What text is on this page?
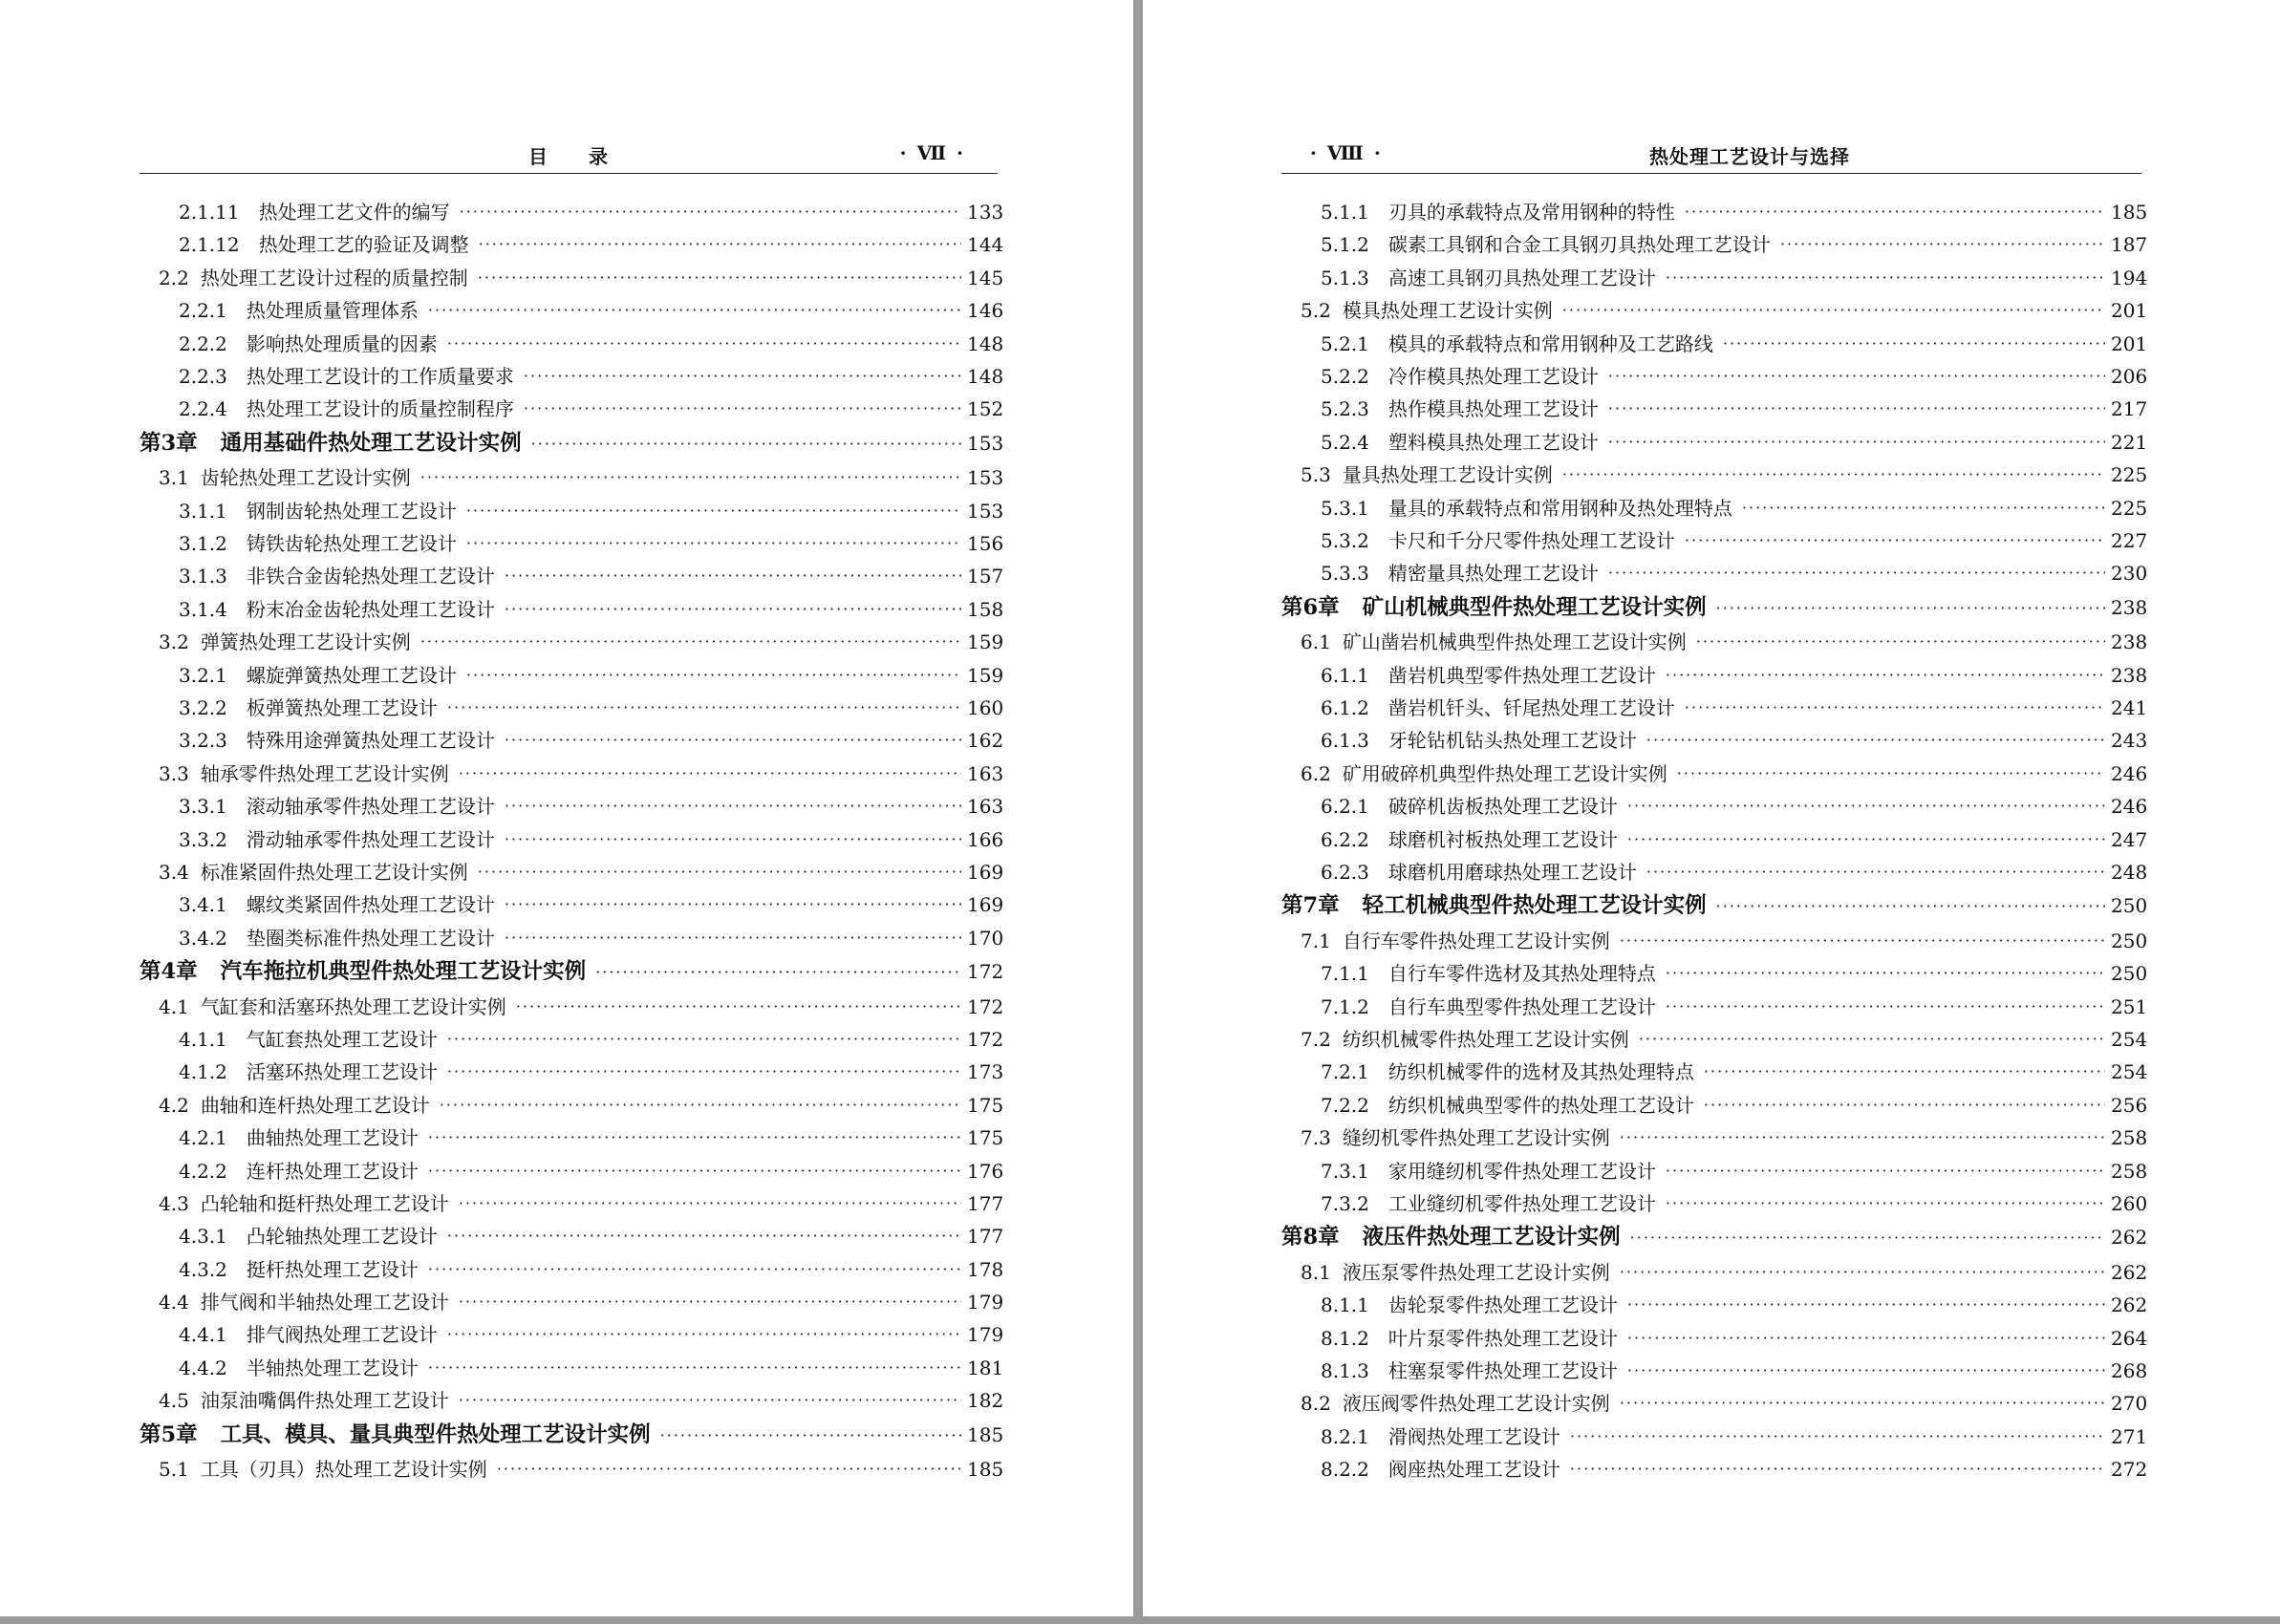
目　　录	· Ⅶ ·
2.1.11 热处理工艺文件的编写 ·····	133
2.1.12 热处理工艺的验证及调整 ·····	144
2.2 热处理工艺设计过程的质量控制 ·····	145
2.2.1 热处理质量管理体系 ·····	146
2.2.2 影响热处理质量的因素 ·····	148
2.2.3 热处理工艺设计的工作质量要求 ·····	148
2.2.4 热处理工艺设计的质量控制程序 ·····	152
第3章 通用基础件热处理工艺设计实例 ·····	153
3.1 齿轮热处理工艺设计实例 ·····	153
3.1.1 钢制齿轮热处理工艺设计 ·····	153
3.1.2 铸铁齿轮热处理工艺设计 ·····	156
3.1.3 非铁合金齿轮热处理工艺设计 ·····	157
3.1.4 粉末冶金齿轮热处理工艺设计 ·····	158
3.2 弹簧热处理工艺设计实例 ·····	159
3.2.1 螺旋弹簧热处理工艺设计 ·····	159
3.2.2 板弹簧热处理工艺设计 ·····	160
3.2.3 特殊用途弹簧热处理工艺设计 ·····	162
3.3 轴承零件热处理工艺设计实例 ·····	163
3.3.1 滚动轴承零件热处理工艺设计 ·····	163
3.3.2 滑动轴承零件热处理工艺设计 ·····	166
3.4 标准紧固件热处理工艺设计实例 ·····	169
3.4.1 螺纹类紧固件热处理工艺设计 ·····	169
3.4.2 垫圈类标准件热处理工艺设计 ·····	170
第4章 汽车拖拉机典型件热处理工艺设计实例 ·····	172
4.1 气缸套和活塞环热处理工艺设计实例 ·····	172
4.1.1 气缸套热处理工艺设计 ·····	172
4.1.2 活塞环热处理工艺设计 ·····	173
4.2 曲轴和连杆热处理工艺设计 ·····	175
4.2.1 曲轴热处理工艺设计 ·····	175
4.2.2 连杆热处理工艺设计 ·····	176
4.3 凸轮轴和挺杆热处理工艺设计 ·····	177
4.3.1 凸轮轴热处理工艺设计 ·····	177
4.3.2 挺杆热处理工艺设计 ·····	178
4.4 排气阀和半轴热处理工艺设计 ·····	179
4.4.1 排气阀热处理工艺设计 ·····	179
4.4.2 半轴热处理工艺设计 ·····	181
4.5 油泵油嘴偶件热处理工艺设计 ·····	182
第5章 工具、模具、量具典型件热处理工艺设计实例 ·····	185
5.1 工具（刃具）热处理工艺设计实例 ·····	185
· Ⅷ ·	热处理工艺设计与选择
5.1.1 刃具的承载特点及常用钢种的特性 ·····	185
5.1.2 碳素工具钢和合金工具钢刃具热处理工艺设计 ·····	187
5.1.3 高速工具钢刃具热处理工艺设计 ·····	194
5.2 模具热处理工艺设计实例 ·····	201
5.2.1 模具的承载特点和常用钢种及工艺路线 ·····	201
5.2.2 冷作模具热处理工艺设计 ·····	206
5.2.3 热作模具热处理工艺设计 ·····	217
5.2.4 塑料模具热处理工艺设计 ·····	221
5.3 量具热处理工艺设计实例 ·····	225
5.3.1 量具的承载特点和常用钢种及热处理特点 ·····	225
5.3.2 卡尺和千分尺零件热处理工艺设计 ·····	227
5.3.3 精密量具热处理工艺设计 ·····	230
第6章 矿山机械典型件热处理工艺设计实例 ·····	238
6.1 矿山凿岩机械典型件热处理工艺设计实例 ·····	238
6.1.1 凿岩机典型零件热处理工艺设计 ·····	238
6.1.2 凿岩机钎头、钎尾热处理工艺设计 ·····	241
6.1.3 牙轮钻机钻头热处理工艺设计 ·····	243
6.2 矿用破碎机典型件热处理工艺设计实例 ·····	246
6.2.1 破碎机齿板热处理工艺设计 ·····	246
6.2.2 球磨机衬板热处理工艺设计 ·····	247
6.2.3 球磨机用磨球热处理工艺设计 ·····	248
第7章 轻工机械典型件热处理工艺设计实例 ·····	250
7.1 自行车零件热处理工艺设计实例 ·····	250
7.1.1 自行车零件选材及其热处理特点 ·····	250
7.1.2 自行车典型零件热处理工艺设计 ·····	251
7.2 纺织机械零件热处理工艺设计实例 ·····	254
7.2.1 纺织机械零件的选材及其热处理特点 ·····	254
7.2.2 纺织机械典型零件的热处理工艺设计 ·····	256
7.3 缝纫机零件热处理工艺设计实例 ·····	258
7.3.1 家用缝纫机零件热处理工艺设计 ·····	258
7.3.2 工业缝纫机零件热处理工艺设计 ·····	260
第8章 液压件热处理工艺设计实例 ·····	262
8.1 液压泵零件热处理工艺设计实例 ·····	262
8.1.1 齿轮泵零件热处理工艺设计 ·····	262
8.1.2 叶片泵零件热处理工艺设计 ·····	264
8.1.3 柱塞泵零件热处理工艺设计 ·····	268
8.2 液压阀零件热处理工艺设计实例 ·····	270
8.2.1 滑阀热处理工艺设计 ·····	271
8.2.2 阀座热处理工艺设计 ·····	272
